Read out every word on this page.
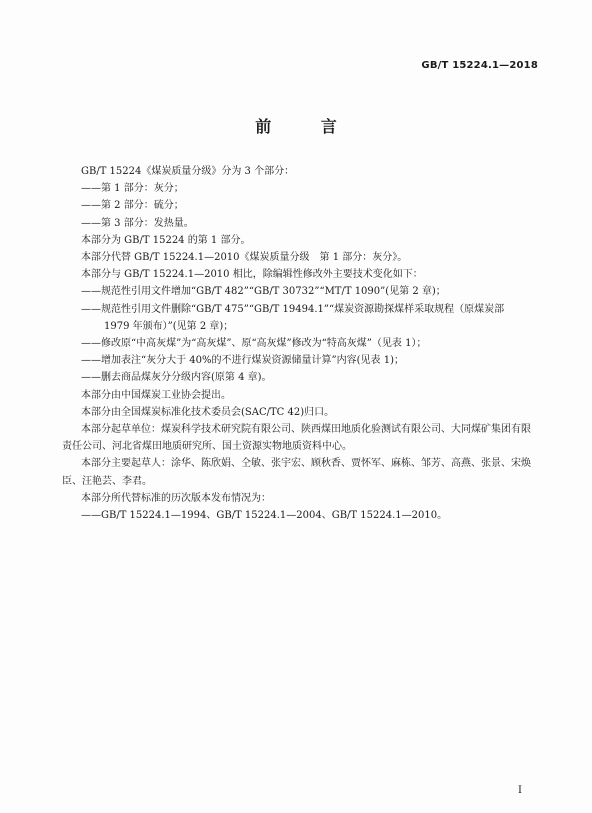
GB/T 15224.1—2018
前 言

GB/T 15224《煤炭质量分级》分为 3 个部分：

——第 1 部分：灰分；

——第 2 部分：硫分；

——第 3 部分：发热量。

本部分为 GB/T 15224 的第 1 部分。

本部分代替 GB/T 15224.1—2010《煤炭质量分级　第 1 部分：灰分》。

本部分与 GB/T 15224.1—2010 相比，除编辑性修改外主要技术变化如下：

——规范性引用文件增加“GB/T 482”“GB/T 30732”“MT/T 1090”(见第 2 章)；

——规范性引用文件删除“GB/T 475”“GB/T 19494.1”“煤炭资源勘探煤样采取规程（原煤炭部

1979 年颁布）”(见第 2 章)；

——修改原“中高灰煤”为“高灰煤”、原“高灰煤”修改为“特高灰煤”（见表 1）；

——增加表注“灰分大于 40%的不进行煤炭资源储量计算”内容(见表 1)；

——删去商品煤灰分分级内容(原第 4 章)。

本部分由中国煤炭工业协会提出。

本部分由全国煤炭标准化技术委员会(SAC/TC 42)归口。

本部分起草单位：煤炭科学技术研究院有限公司、陕西煤田地质化验测试有限公司、大同煤矿集团有限责任公司、河北省煤田地质研究所、国土资源实物地质资料中心。

本部分主要起草人：涂华、陈欣娟、仝敏、张宇宏、顾秋香、贾怀军、麻栋、邹芳、高燕、张景、宋焕臣、汪艳芸、李君。

本部分所代替标准的历次版本发布情况为：

——GB/T 15224.1—1994、GB/T 15224.1—2004、GB/T 15224.1—2010。

I
